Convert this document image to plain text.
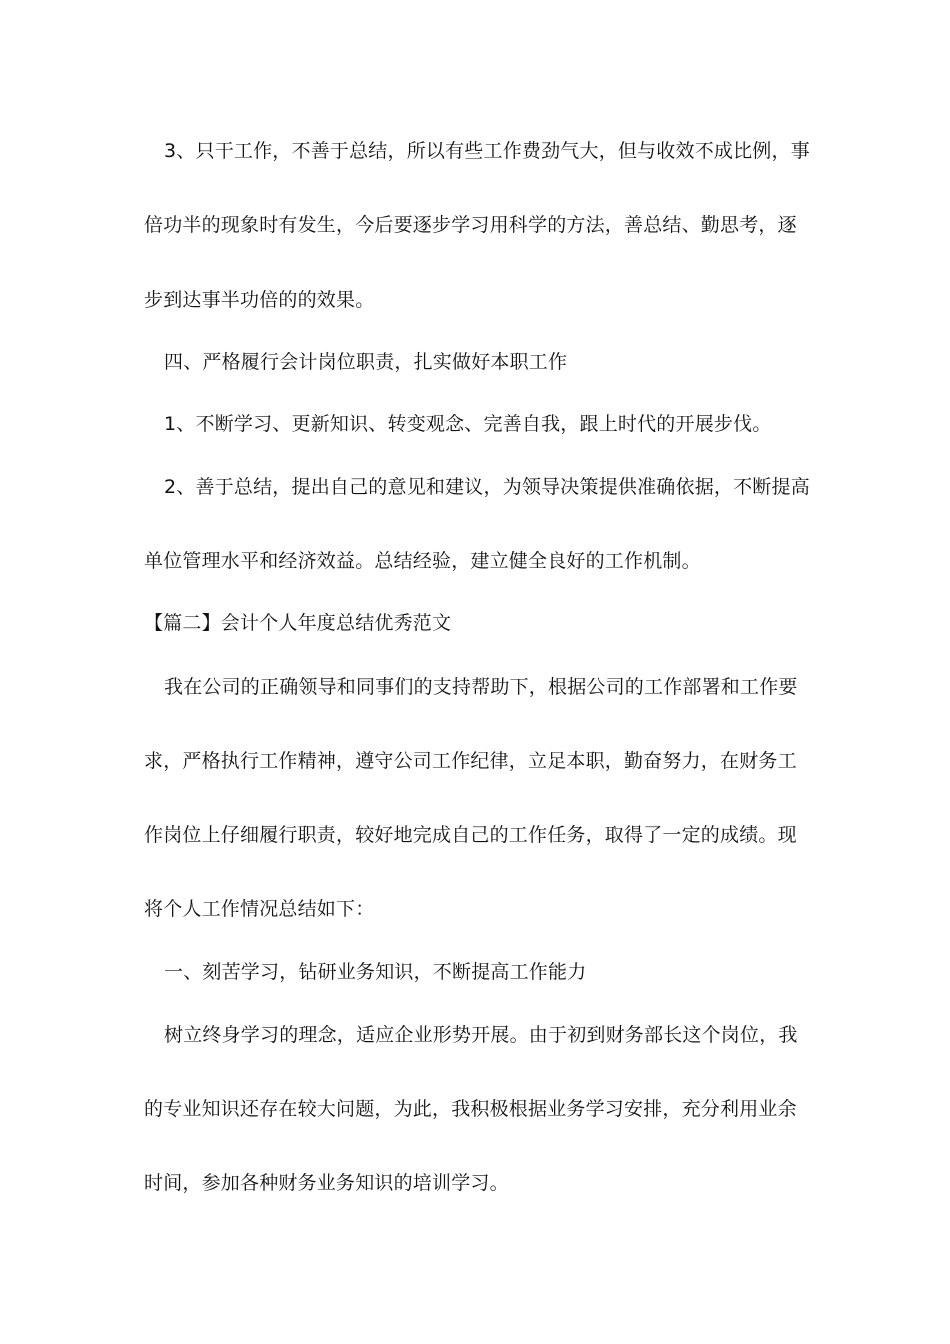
3、只干工作，不善于总结，所以有些工作费劲气大，但与收效不成比例，事
倍功半的现象时有发生，今后要逐步学习用科学的方法，善总结、勤思考，逐
步到达事半功倍的的效果。
四、严格履行会计岗位职责，扎实做好本职工作
1、不断学习、更新知识、转变观念、完善自我，跟上时代的开展步伐。
2、善于总结，提出自己的意见和建议，为领导决策提供准确依据，不断提高
单位管理水平和经济效益。总结经验，建立健全良好的工作机制。
【篇二】会计个人年度总结优秀范文
我在公司的正确领导和同事们的支持帮助下，根据公司的工作部署和工作要
求，严格执行工作精神，遵守公司工作纪律，立足本职，勤奋努力，在财务工
作岗位上仔细履行职责，较好地完成自己的工作任务，取得了一定的成绩。现
将个人工作情况总结如下：
一、刻苦学习，钻研业务知识，不断提高工作能力
树立终身学习的理念，适应企业形势开展。由于初到财务部长这个岗位，我
的专业知识还存在较大问题，为此，我积极根据业务学习安排，充分利用业余
时间，参加各种财务业务知识的培训学习。
